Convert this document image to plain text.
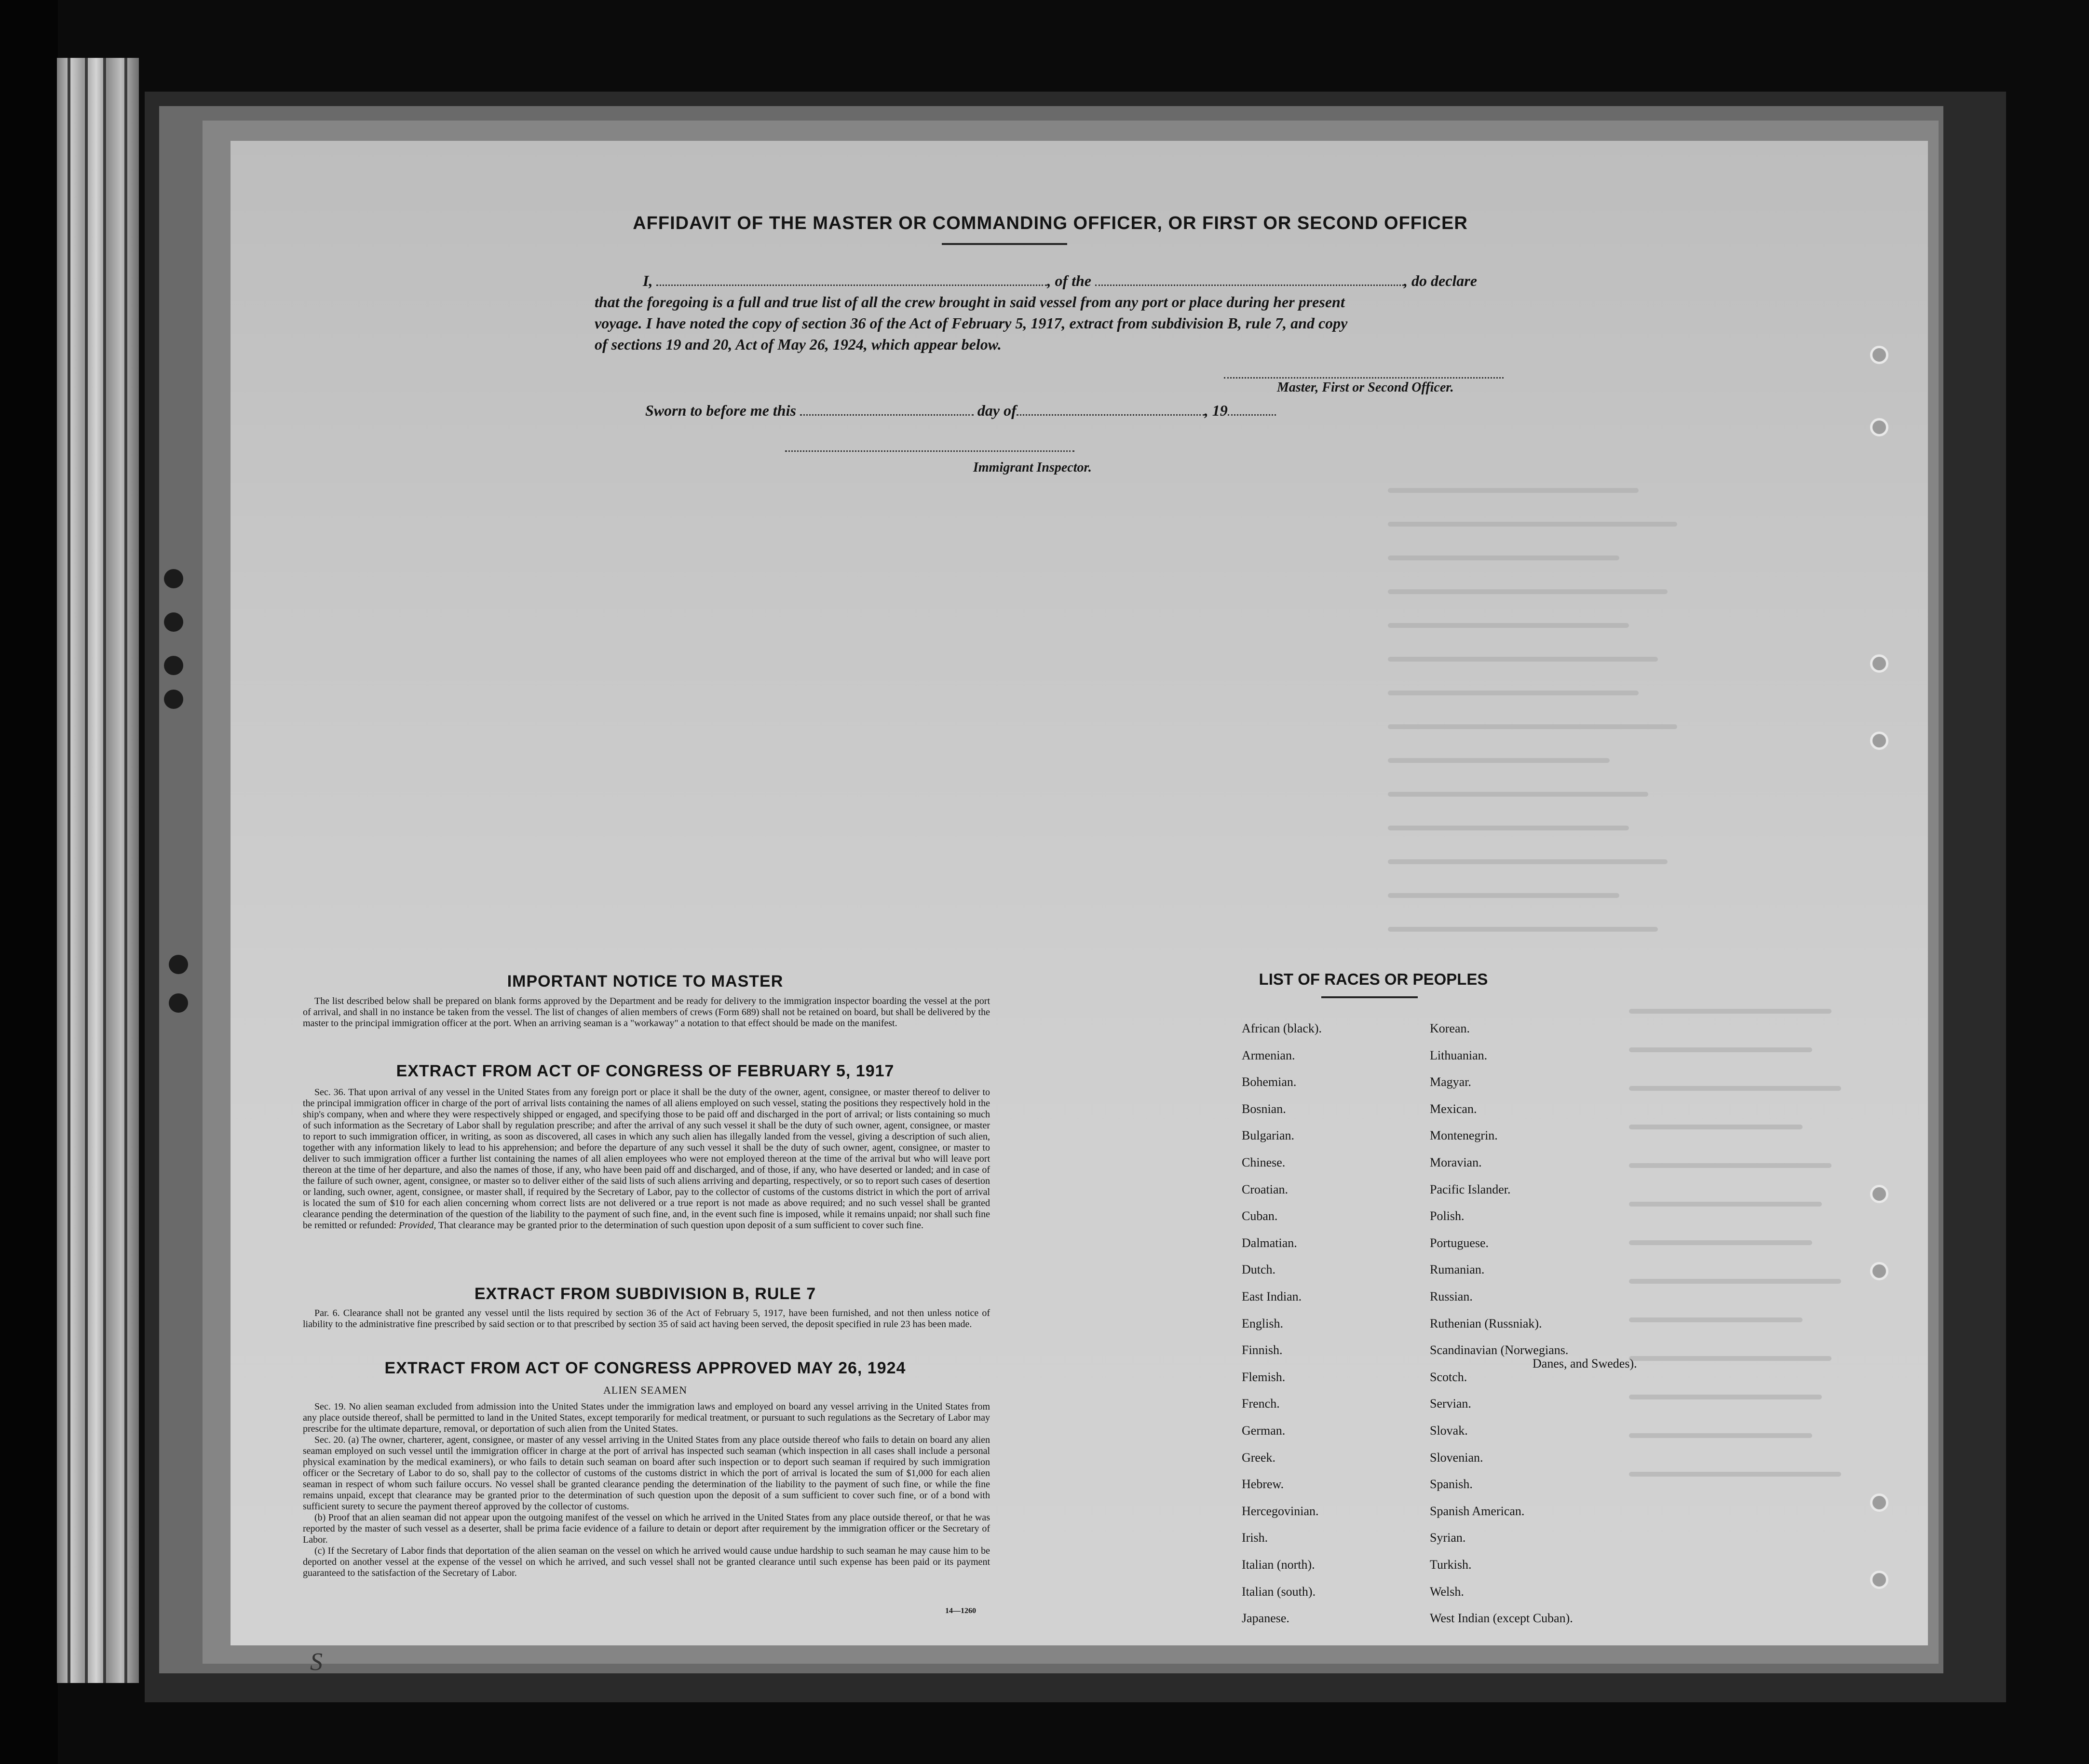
AFFIDAVIT OF THE MASTER OR COMMANDING OFFICER, OR FIRST OR SECOND OFFICER
I,	, of the	, do declare
that the foregoing is a full and true list of all the crew brought in said vessel from any port or place during her present
voyage. I have noted the copy of section 36 of the Act of February 5, 1917, extract from subdivision B, rule 7, and copy
of sections 19 and 20, Act of May 26, 1924, which appear below.
Master, First or Second Officer.
Sworn to before me this	day of	, 19
Immigrant Inspector.
IMPORTANT NOTICE TO MASTER

The list described below shall be prepared on blank forms approved by the Department and be ready for delivery to the immigration inspector boarding the vessel at the port of arrival, and shall in no instance be taken from the vessel. The list of changes of alien members of crews (Form 689) shall not be retained on board, but shall be delivered by the master to the principal immigration officer at the port. When an arriving seaman is a "workaway" a notation to that effect should be made on the manifest.

EXTRACT FROM ACT OF CONGRESS OF FEBRUARY 5, 1917

Sec. 36. That upon arrival of any vessel in the United States from any foreign port or place it shall be the duty of the owner, agent, consignee, or master thereof to deliver to the principal immigration officer in charge of the port of arrival lists containing the names of all aliens employed on such vessel, stating the positions they respectively hold in the ship's company, when and where they were respectively shipped or engaged, and specifying those to be paid off and discharged in the port of arrival; or lists containing so much of such information as the Secretary of Labor shall by regulation prescribe; and after the arrival of any such vessel it shall be the duty of such owner, agent, consignee, or master to report to such immigration officer, in writing, as soon as discovered, all cases in which any such alien has illegally landed from the vessel, giving a description of such alien, together with any information likely to lead to his apprehension; and before the departure of any such vessel it shall be the duty of such owner, agent, consignee, or master to deliver to such immigration officer a further list containing the names of all alien employees who were not employed thereon at the time of the arrival but who will leave port thereon at the time of her departure, and also the names of those, if any, who have been paid off and discharged, and of those, if any, who have deserted or landed; and in case of the failure of such owner, agent, consignee, or master so to deliver either of the said lists of such aliens arriving and departing, respectively, or so to report such cases of desertion or landing, such owner, agent, consignee, or master shall, if required by the Secretary of Labor, pay to the collector of customs of the customs district in which the port of arrival is located the sum of $10 for each alien concerning whom correct lists are not delivered or a true report is not made as above required; and no such vessel shall be granted clearance pending the determination of the question of the liability to the payment of such fine, and, in the event such fine is imposed, while it remains unpaid; nor shall such fine be remitted or refunded: Provided, That clearance may be granted prior to the determination of such question upon deposit of a sum sufficient to cover such fine.

EXTRACT FROM SUBDIVISION B, RULE 7

Par. 6. Clearance shall not be granted any vessel until the lists required by section 36 of the Act of February 5, 1917, have been furnished, and not then unless notice of liability to the administrative fine prescribed by said section or to that prescribed by section 35 of said act having been served, the deposit specified in rule 23 has been made.

EXTRACT FROM ACT OF CONGRESS APPROVED MAY 26, 1924
ALIEN SEAMEN

Sec. 19. No alien seaman excluded from admission into the United States under the immigration laws and employed on board any vessel arriving in the United States from any place outside thereof, shall be permitted to land in the United States, except temporarily for medical treatment, or pursuant to such regulations as the Secretary of Labor may prescribe for the ultimate departure, removal, or deportation of such alien from the United States.

Sec. 20. (a) The owner, charterer, agent, consignee, or master of any vessel arriving in the United States from any place outside thereof who fails to detain on board any alien seaman employed on such vessel until the immigration officer in charge at the port of arrival has inspected such seaman (which inspection in all cases shall include a personal physical examination by the medical examiners), or who fails to detain such seaman on board after such inspection or to deport such seaman if required by such immigration officer or the Secretary of Labor to do so, shall pay to the collector of customs of the customs district in which the port of arrival is located the sum of $1,000 for each alien seaman in respect of whom such failure occurs. No vessel shall be granted clearance pending the determination of the liability to the payment of such fine, or while the fine remains unpaid, except that clearance may be granted prior to the determination of such question upon the deposit of a sum sufficient to cover such fine, or of a bond with sufficient surety to secure the payment thereof approved by the collector of customs.

(b) Proof that an alien seaman did not appear upon the outgoing manifest of the vessel on which he arrived in the United States from any place outside thereof, or that he was reported by the master of such vessel as a deserter, shall be prima facie evidence of a failure to detain or deport after requirement by the immigration officer or the Secretary of Labor.

(c) If the Secretary of Labor finds that deportation of the alien seaman on the vessel on which he arrived would cause undue hardship to such seaman he may cause him to be deported on another vessel at the expense of the vessel on which he arrived, and such vessel shall not be granted clearance until such expense has been paid or its payment guaranteed to the satisfaction of the Secretary of Labor.

14—1260
LIST OF RACES OR PEOPLES
African (black).
Armenian.
Bohemian.
Bosnian.
Bulgarian.
Chinese.
Croatian.
Cuban.
Dalmatian.
Dutch.
East Indian.
English.
Finnish.
Flemish.
French.
German.
Greek.
Hebrew.
Hercegovinian.
Irish.
Italian (north).
Italian (south).
Japanese.
Korean.
Lithuanian.
Magyar.
Mexican.
Montenegrin.
Moravian.
Pacific Islander.
Polish.
Portuguese.
Rumanian.
Russian.
Ruthenian (Russniak).
Scandinavian (Norwegians.
Danes, and Swedes).
Scotch.
Servian.
Slovak.
Slovenian.
Spanish.
Spanish American.
Syrian.
Turkish.
Welsh.
West Indian (except Cuban).
S
